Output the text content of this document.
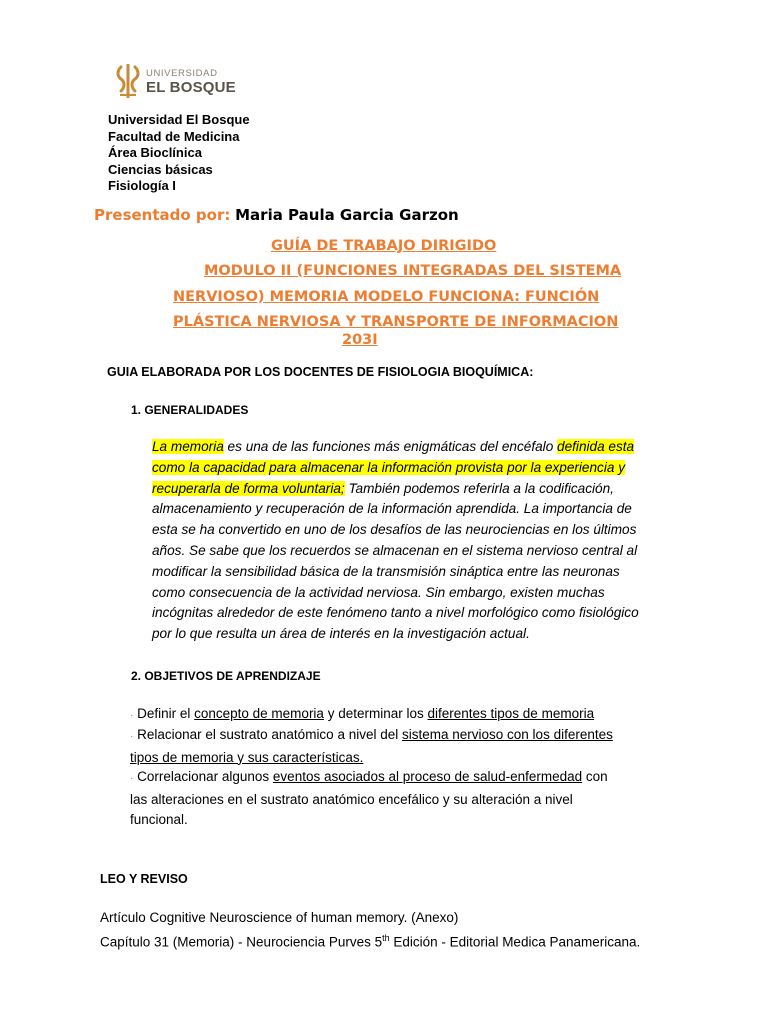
UNIVERSIDAD
EL BOSQUE
Universidad El Bosque
Facultad de Medicina
Área Bioclínica
Ciencias básicas
Fisiología I
Presentado por: Maria Paula Garcia Garzon
GUÍA DE TRABAJO DIRIGIDO
MODULO II (FUNCIONES INTEGRADAS DEL SISTEMA
NERVIOSO) MEMORIA MODELO FUNCIONA: FUNCIÓN
PLÁSTICA NERVIOSA Y TRANSPORTE DE INFORMACION
203I
GUIA ELABORADA POR LOS DOCENTES DE FISIOLOGIA BIOQUÍMICA:
1. GENERALIDADES
La memoria es una de las funciones más enigmáticas del encéfalo definida esta como la capacidad para almacenar la información provista por la experiencia y recuperarla de forma voluntaria; También podemos referirla a la codificación, almacenamiento y recuperación de la información aprendida. La importancia de esta se ha convertido en uno de los desafíos de las neurociencias en los últimos años. Se sabe que los recuerdos se almacenan en el sistema nervioso central al modificar la sensibilidad básica de la transmisión sináptica entre las neuronas como consecuencia de la actividad nerviosa. Sin embargo, existen muchas incógnitas alrededor de este fenómeno tanto a nivel morfológico como fisiológico por lo que resulta un área de interés en la investigación actual.
2. OBJETIVOS DE APRENDIZAJE
· Definir el concepto de memoria y determinar los diferentes tipos de memoria
· Relacionar el sustrato anatómico a nivel del sistema nervioso con los diferentes tipos de memoria y sus características.
· Correlacionar algunos eventos asociados al proceso de salud-enfermedad con las alteraciones en el sustrato anatómico encefálico y su alteración a nivel funcional.
LEO Y REVISO
Artículo Cognitive Neuroscience of human memory. (Anexo)
Capítulo 31 (Memoria) - Neurociencia Purves 5th Edición - Editorial Medica Panamericana.
